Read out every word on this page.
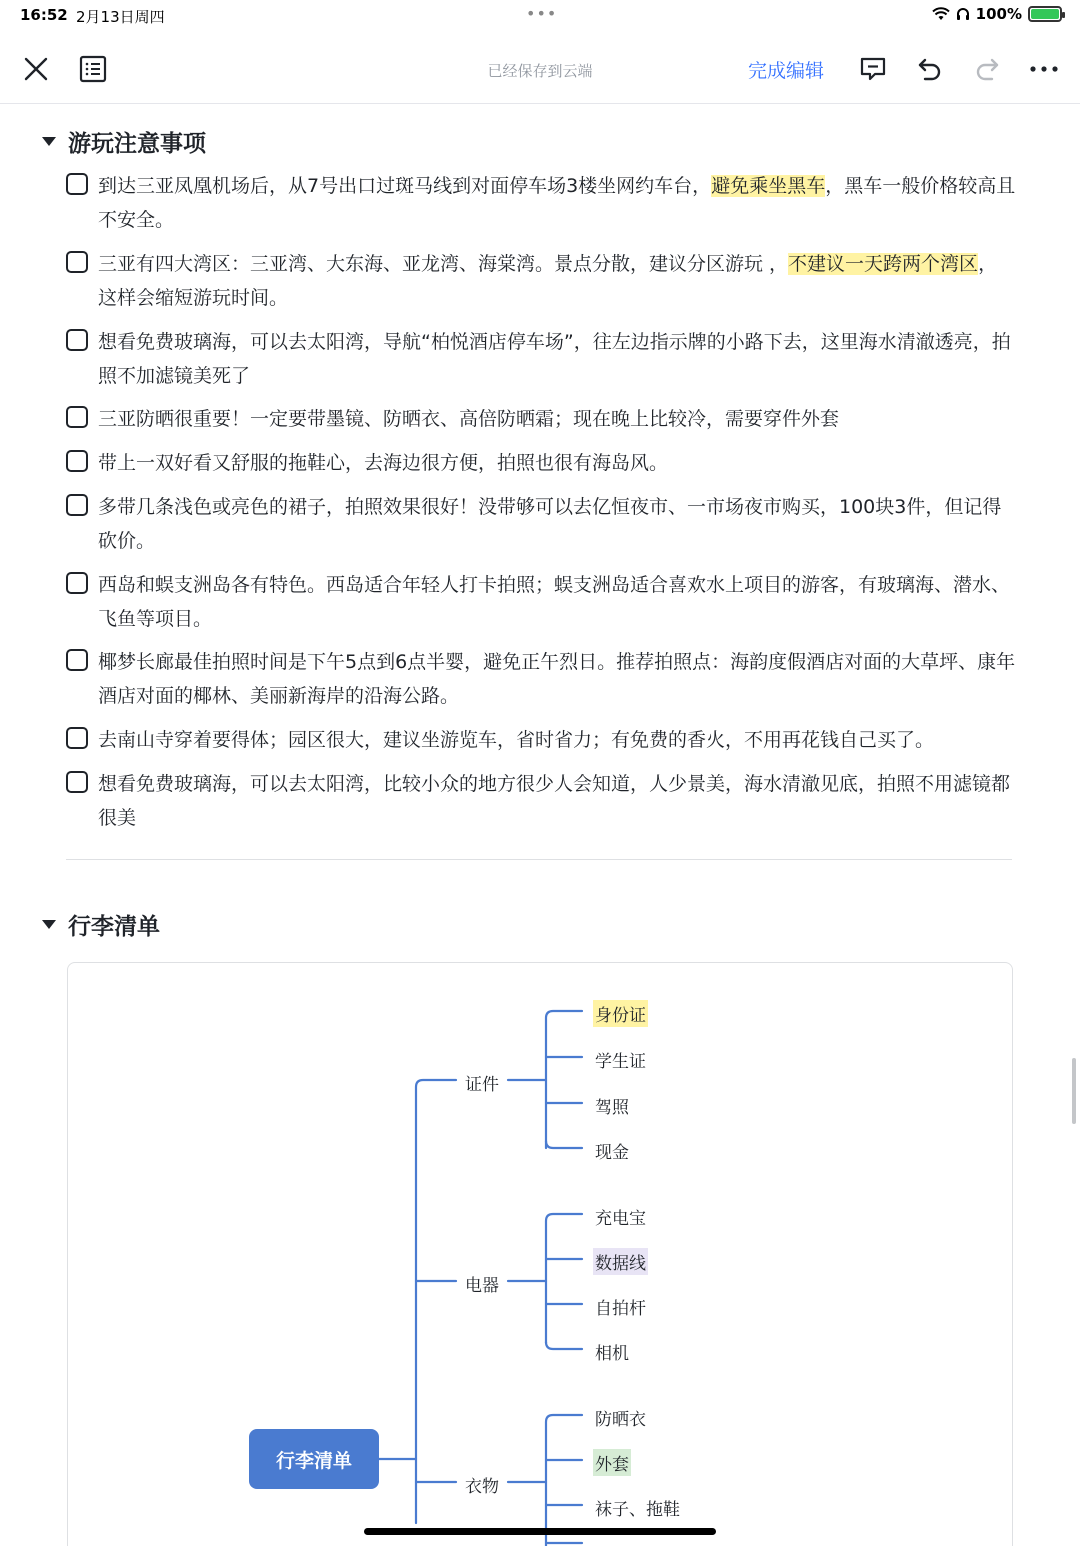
16:52 2月13日周四	•••	100%
已经保存到云端	完成编辑
游玩注意事项
到达三亚凤凰机场后，从7号出口过斑马线到对面停车场3楼坐网约车台，避免乘坐黑车，黑车一般价格较高且不安全。
三亚有四大湾区：三亚湾、大东海、亚龙湾、海棠湾。景点分散，建议分区游玩 ，不建议一天跨两个湾区，这样会缩短游玩时间。
想看免费玻璃海，可以去太阳湾，导航“柏悦酒店停车场”，往左边指示牌的小路下去，这里海水清澈透亮，拍照不加滤镜美死了
三亚防晒很重要！一定要带墨镜、防晒衣、高倍防晒霜；现在晚上比较冷，需要穿件外套
带上一双好看又舒服的拖鞋心，去海边很方便，拍照也很有海岛风。
多带几条浅色或亮色的裙子，拍照效果很好！没带够可以去亿恒夜市、一市场夜市购买，100块3件，但记得砍价。
西岛和蜈支洲岛各有特色。西岛适合年轻人打卡拍照；蜈支洲岛适合喜欢水上项目的游客，有玻璃海、潜水、飞鱼等项目。
椰梦长廊最佳拍照时间是下午5点到6点半婴，避免正午烈日。推荐拍照点：海韵度假酒店对面的大草坪、康年酒店对面的椰林、美丽新海岸的沿海公路。
去南山寺穿着要得体；园区很大，建议坐游览车，省时省力；有免费的香火，不用再花钱自己买了。
想看免费玻璃海，可以去太阳湾，比较小众的地方很少人会知道，人少景美，海水清澈见底，拍照不用滤镜都很美
行李清单
行李清单
证件
电器
衣物
身份证
学生证
驾照
现金
充电宝
数据线
自拍杆
相机
防晒衣
外套
袜子、拖鞋
